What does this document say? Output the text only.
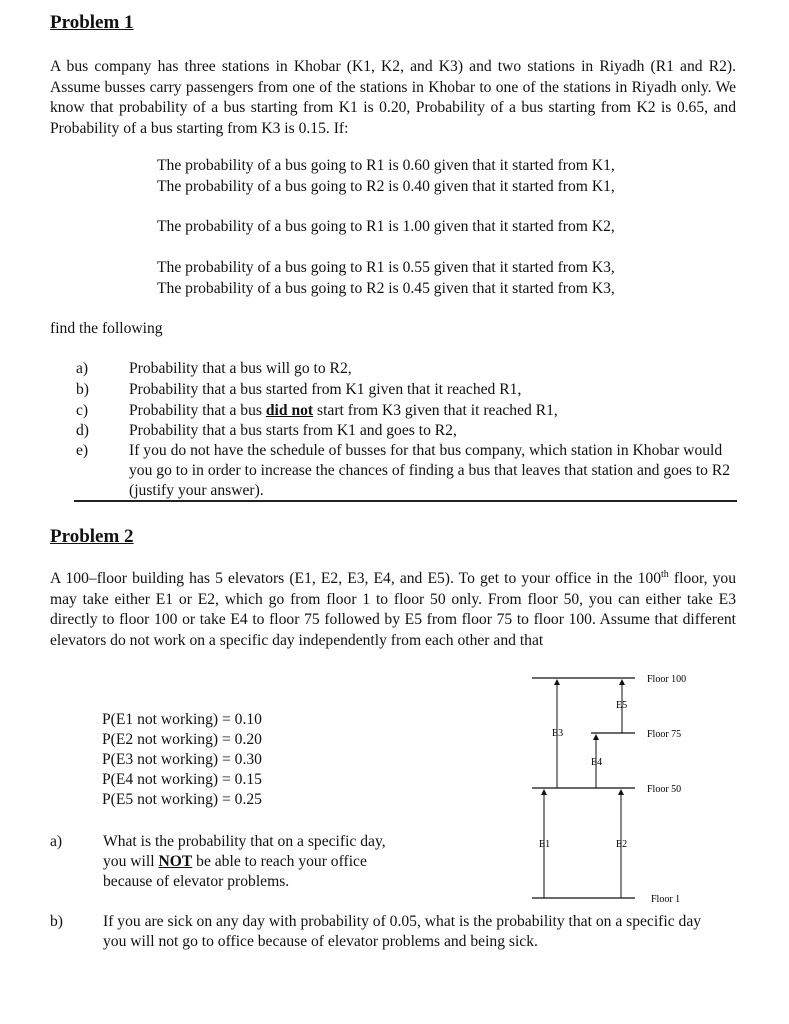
Problem 1
A bus company has three stations in Khobar (K1, K2, and K3) and two stations in Riyadh (R1 and R2). Assume busses carry passengers from one of the stations in Khobar to one of the stations in Riyadh only. We know that probability of a bus starting from K1 is 0.20, Probability of a bus starting from K2 is 0.65, and Probability of a bus starting from K3 is 0.15. If:
The probability of a bus going to R1 is 0.60 given that it started from K1,
The probability of a bus going to R2 is 0.40 given that it started from K1,
The probability of a bus going to R1 is 1.00 given that it started from K2,
The probability of a bus going to R1 is 0.55 given that it started from K3,
The probability of a bus going to R2 is 0.45 given that it started from K3,
find the following
a)	Probability that a bus will go to R2,
b)	Probability that a bus started from K1 given that it reached R1,
c)	Probability that a bus did not start from K3 given that it reached R1,
d)	Probability that a bus starts from K1 and goes to R2,
e)	If you do not have the schedule of busses for that bus company, which station in Khobar would you go to in order to increase the chances of finding a bus that leaves that station and goes to R2 (justify your answer).
Problem 2
A 100–floor building has 5 elevators (E1, E2, E3, E4, and E5). To get to your office in the 100th floor, you may take either E1 or E2, which go from floor 1 to floor 50 only. From floor 50, you can either take E3 directly to floor 100 or take E4 to floor 75 followed by E5 from floor 75 to floor 100. Assume that different elevators do not work on a specific day independently from each other and that
P(E1 not working) = 0.10
P(E2 not working) = 0.20
P(E3 not working) = 0.30
P(E4 not working) = 0.15
P(E5 not working) = 0.25
a)	What is the probability that on a specific day, you will NOT be able to reach your office because of elevator problems.
b)	If you are sick on any day with probability of 0.05, what is the probability that on a specific day you will not go to office because of elevator problems and being sick.
E3
E4
E5
E1	E2
Floor 100
Floor 75
Floor 50
Floor 1
